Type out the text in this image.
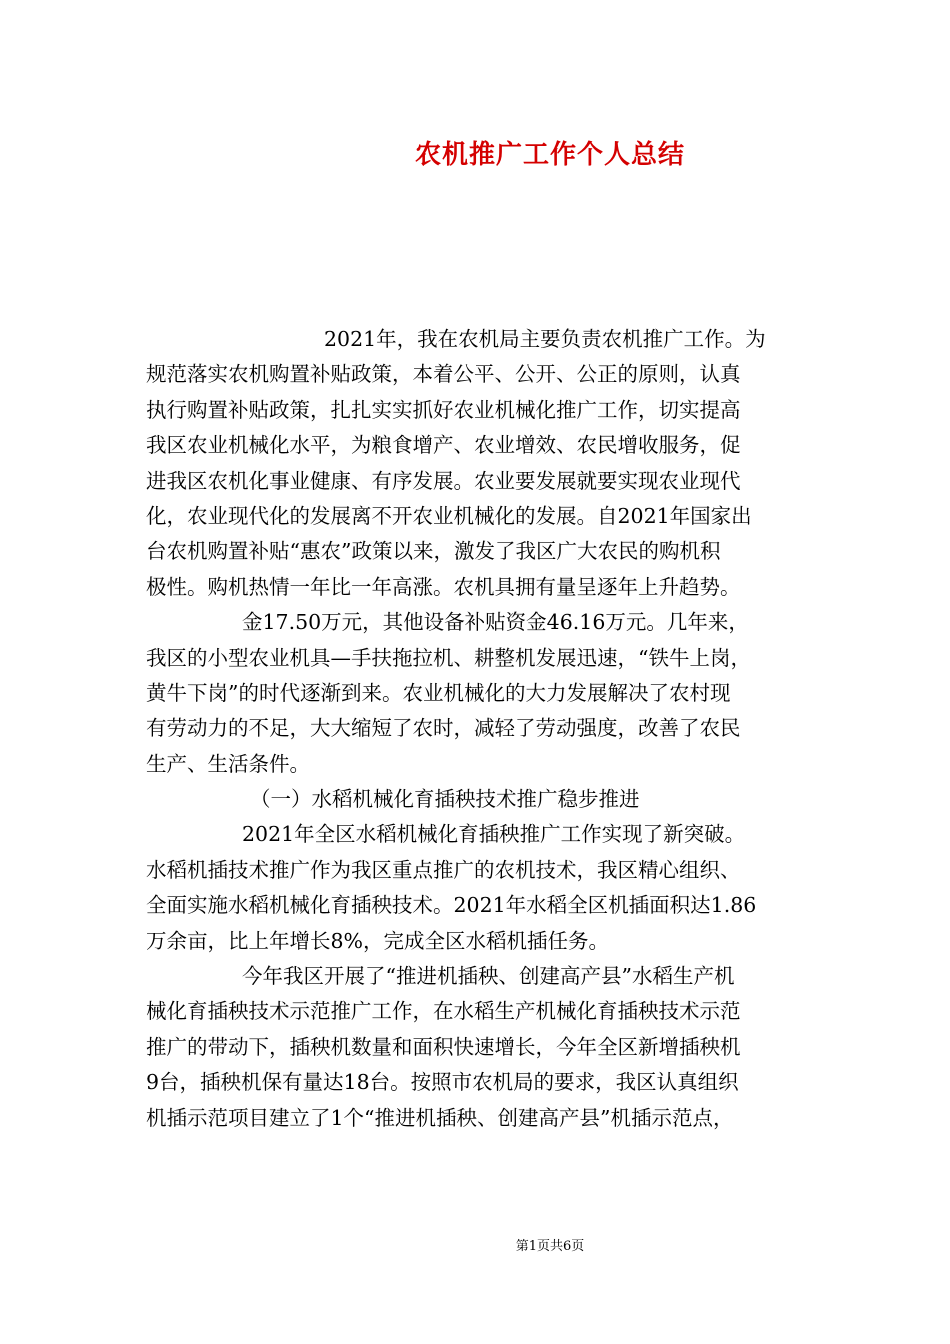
农机推广工作个人总结
2021年，我在农机局主要负责农机推广工作。为
规范落实农机购置补贴政策，本着公平、公开、公正的原则，认真
执行购置补贴政策，扎扎实实抓好农业机械化推广工作，切实提高
我区农业机械化水平，为粮食增产、农业增效、农民增收服务，促
进我区农机化事业健康、有序发展。农业要发展就要实现农业现代
化，农业现代化的发展离不开农业机械化的发展。自2021年国家出
台农机购置补贴“惠农”政策以来，激发了我区广大农民的购机积
极性。购机热情一年比一年高涨。农机具拥有量呈逐年上升趋势。
金17.50万元，其他设备补贴资金46.16万元。几年来，
我区的小型农业机具—手扶拖拉机、耕整机发展迅速，“铁牛上岗，
黄牛下岗”的时代逐渐到来。农业机械化的大力发展解决了农村现
有劳动力的不足，大大缩短了农时，减轻了劳动强度，改善了农民
生产、生活条件。
（一）水稻机械化育插秧技术推广稳步推进
2021年全区水稻机械化育插秧推广工作实现了新突破。
水稻机插技术推广作为我区重点推广的农机技术，我区精心组织、
全面实施水稻机械化育插秧技术。2021年水稻全区机插面积达1.86
万余亩，比上年增长8%，完成全区水稻机插任务。
今年我区开展了“推进机插秧、创建高产县”水稻生产机
械化育插秧技术示范推广工作，在水稻生产机械化育插秧技术示范
推广的带动下，插秧机数量和面积快速增长，今年全区新增插秧机
9台，插秧机保有量达18台。按照市农机局的要求，我区认真组织
机插示范项目建立了1个“推进机插秧、创建高产县”机插示范点，
第1页共6页
